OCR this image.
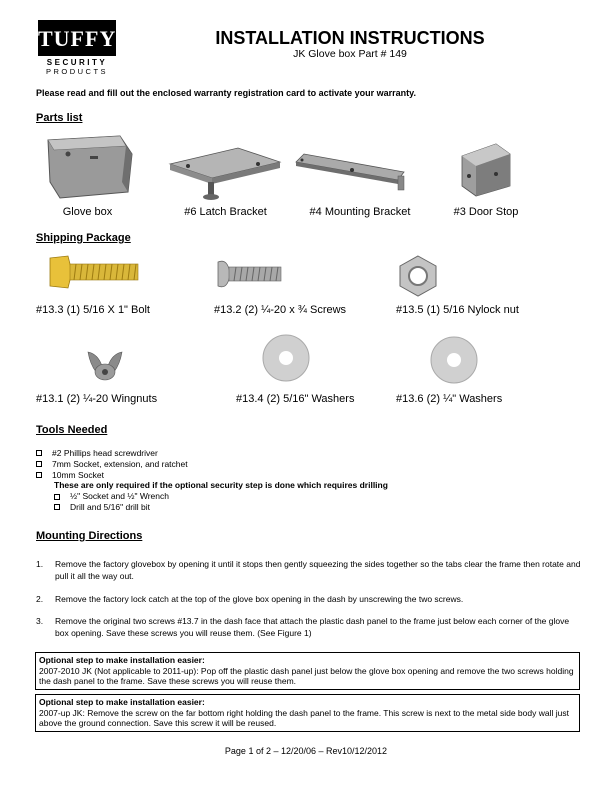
TUFFY
SECURITY
PRODUCTS
INSTALLATION INSTRUCTIONS
JK Glove box Part # 149
Please read and fill out the enclosed warranty registration card to activate your warranty.
Parts list
Glove box	#6 Latch Bracket	#4 Mounting Bracket	#3 Door Stop
Shipping Package
#13.3 (1) 5/16 X 1" Bolt	#13.2 (2) ¼-20 x ¾ Screws	#13.5 (1) 5/16 Nylock nut
#13.1 (2) ¼-20 Wingnuts	#13.4 (2) 5/16" Washers	#13.6 (2) ¼" Washers
Tools Needed
#2 Phillips head screwdriver
7mm Socket, extension, and ratchet
10mm Socket
These are only required if the optional security step is done which requires drilling
½" Socket and ½" Wrench
Drill and 5/16" drill bit
Mounting Directions
1.	Remove the factory glovebox by opening it until it stops then gently squeezing the sides together so the tabs clear the frame then rotate and pull it all the way out.
2.	Remove the factory lock catch at the top of the glove box opening in the dash by unscrewing the two screws.
3.	Remove the original two screws #13.7 in the dash face that attach the plastic dash panel to the frame just below each corner of the glove box opening. Save these screws you will reuse them. (See Figure 1)
Optional step to make installation easier:
2007-2010 JK (Not applicable to 2011-up): Pop off the plastic dash panel just below the glove box opening and remove the two screws holding the dash panel to the frame. Save these screws you will reuse them.
Optional step to make installation easier:
2007-up JK: Remove the screw on the far bottom right holding the dash panel to the frame. This screw is next to the metal side body wall just above the ground connection. Save this screw it will be reused.
Page 1 of 2 – 12/20/06 – Rev10/12/2012
